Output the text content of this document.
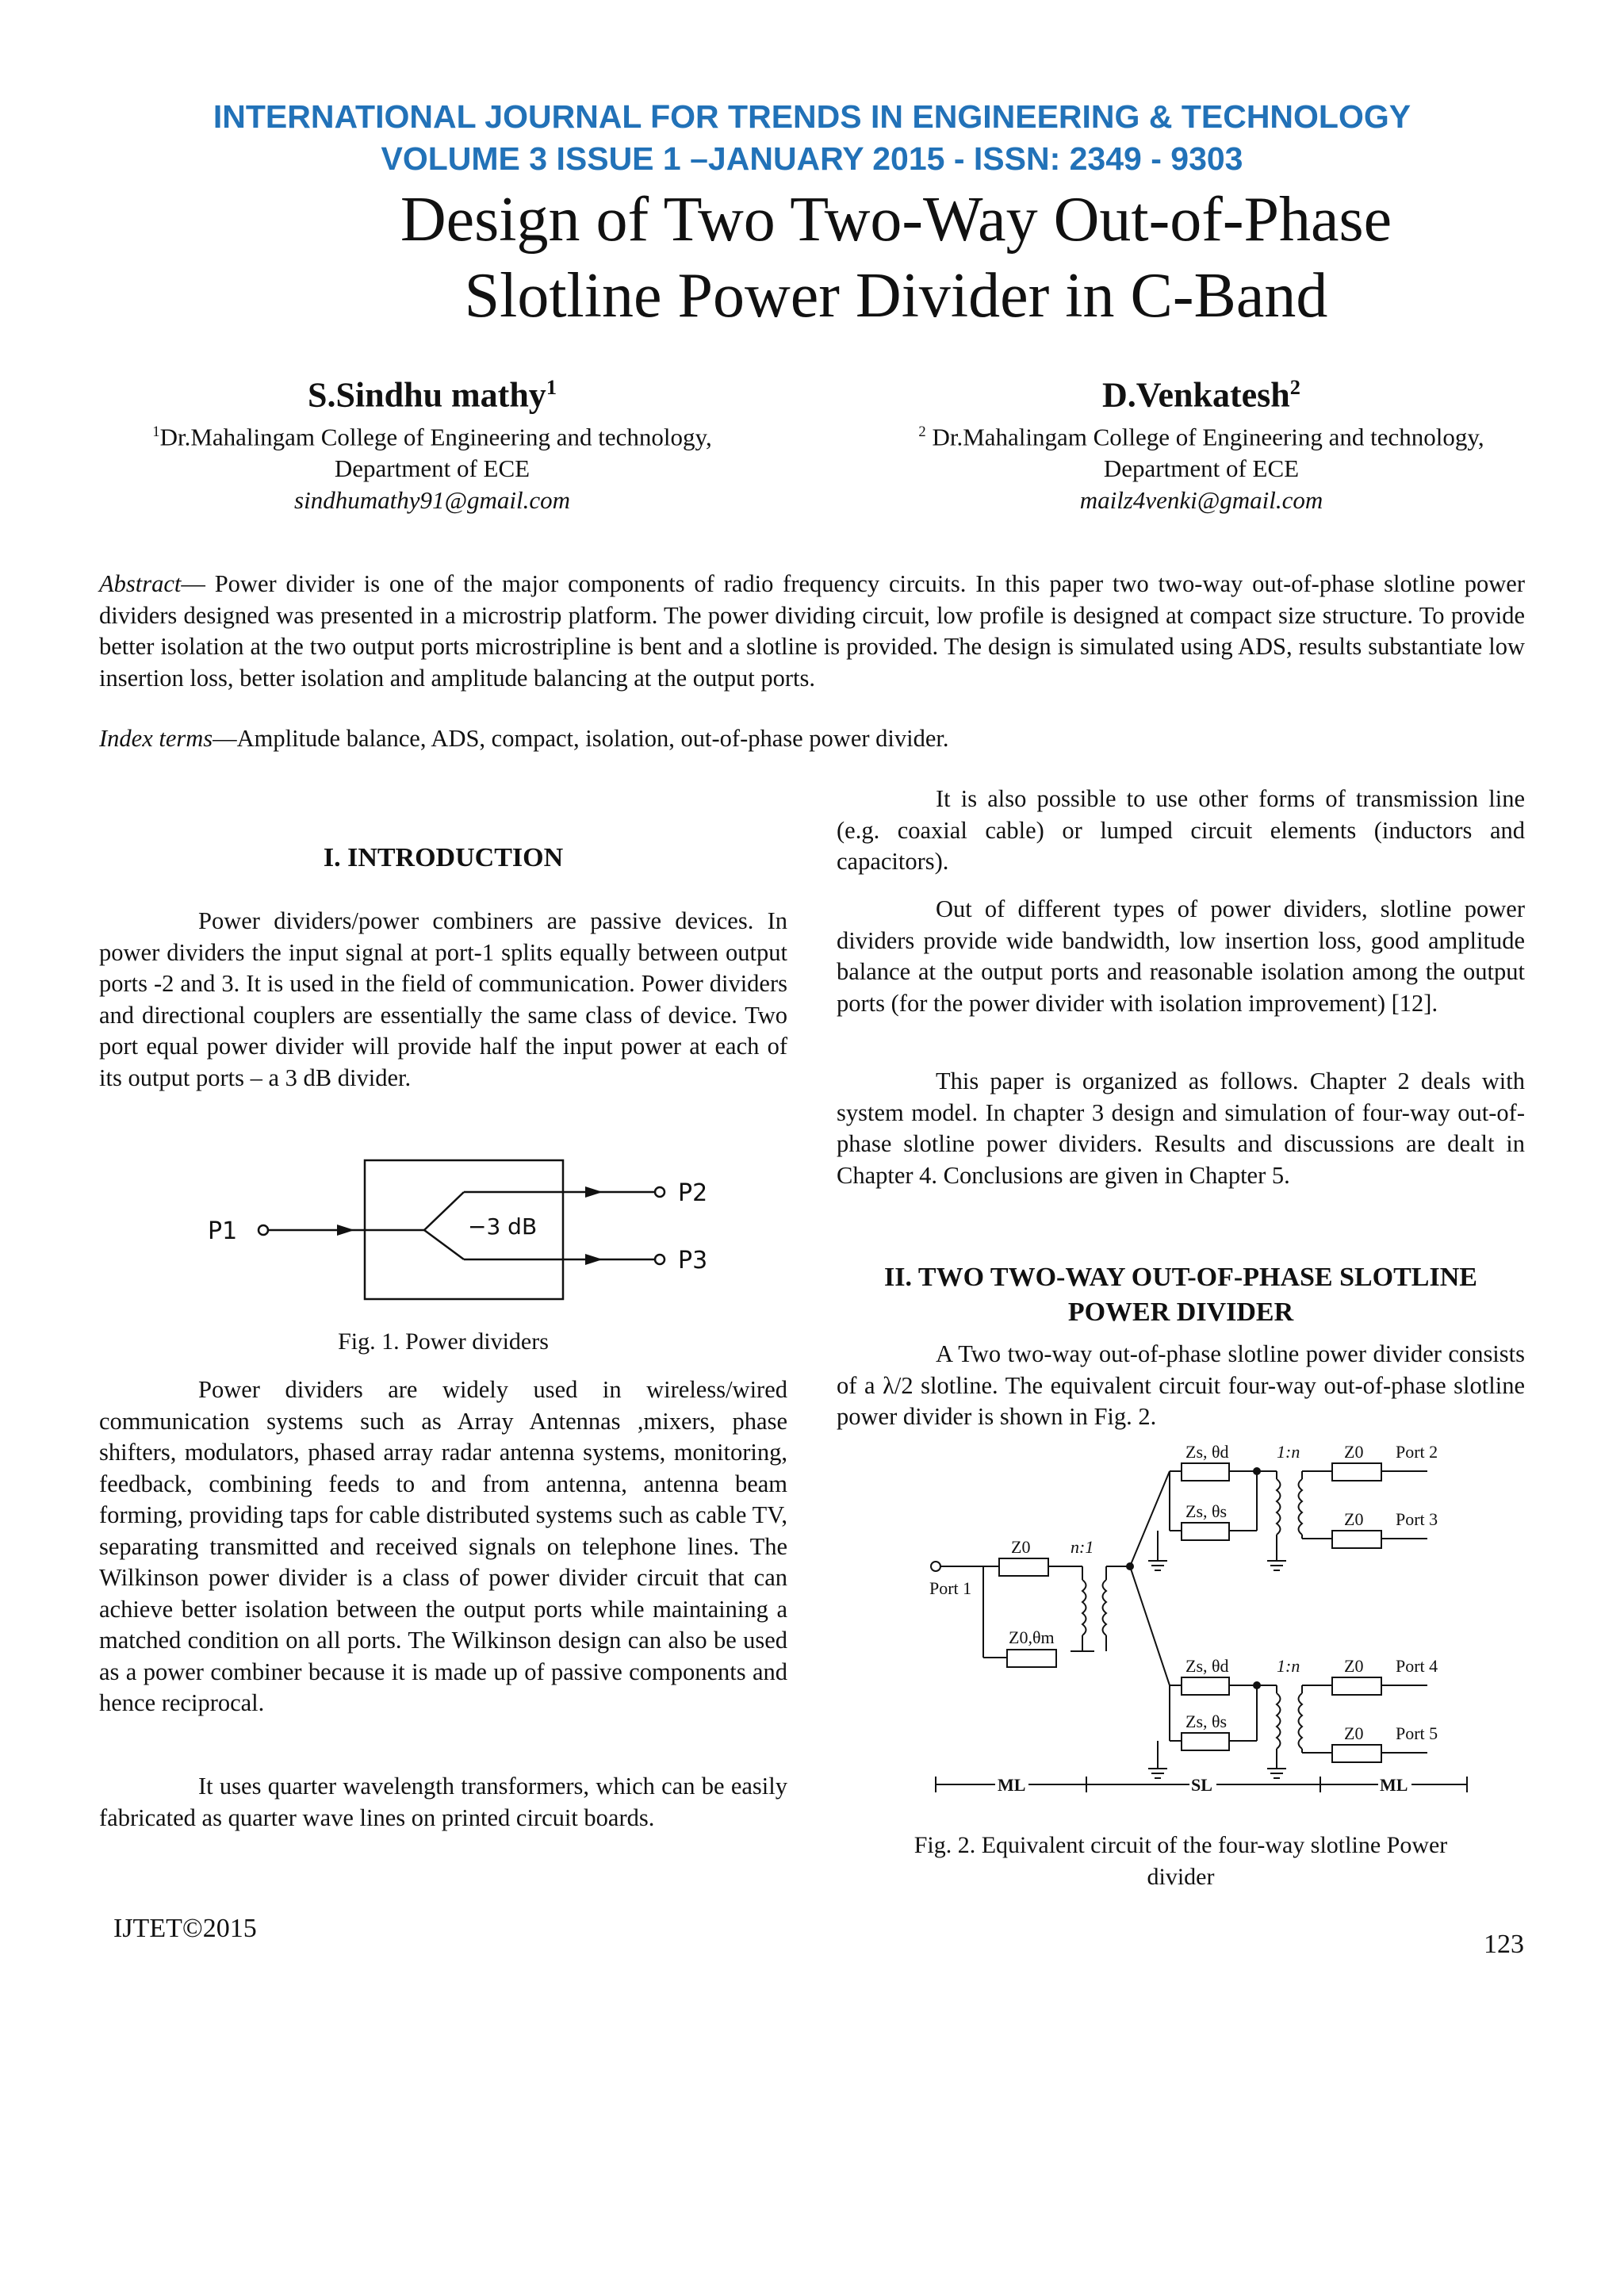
INTERNATIONAL JOURNAL FOR TRENDS IN ENGINEERING & TECHNOLOGY
VOLUME 3 ISSUE 1 –JANUARY 2015 - ISSN: 2349 - 9303
Design of Two Two-Way Out-of-Phase
Slotline Power Divider in C-Band
S.Sindhu mathy$^1$
$^1$Dr.Mahalingam College of Engineering and technology,
Department of ECE
sindhumathy91@gmail.com
D.Venkatesh$^2$
$^2$ Dr.Mahalingam College of Engineering and technology,
Department of ECE
mailz4venki@gmail.com
Abstract— Power divider is one of the major components of radio frequency circuits. In this paper two two-way out-of-phase slotline power dividers designed was presented in a microstrip platform. The power dividing circuit, low profile is designed at compact size structure. To provide better isolation at the two output ports microstripline is bent and a slotline is provided. The design is simulated using ADS, results substantiate low insertion loss, better isolation and amplitude balancing at the output ports.
Index terms—Amplitude balance, ADS, compact, isolation, out-of-phase power divider.
I. INTRODUCTION
Power dividers/power combiners are passive devices. In power dividers the input signal at port-1 splits equally between output ports -2 and 3. It is used in the field of communication. Power dividers and directional couplers are essentially the same class of device. Two port equal power divider will provide half the input power at each of its output ports – a 3 dB divider.
P1
P2
P3
−3 dB
Fig. 1. Power dividers
Power dividers are widely used in wireless/wired communication systems such as Array Antennas ,mixers, phase shifters, modulators, phased array radar antenna systems, monitoring, feedback, combining feeds to and from antenna, antenna beam forming, providing taps for cable distributed systems such as cable TV, separating transmitted and received signals on telephone lines. The Wilkinson power divider is a class of power divider circuit that can achieve better isolation between the output ports while maintaining a matched condition on all ports. The Wilkinson design can also be used as a power combiner because it is made up of passive components and hence reciprocal.
It uses quarter wavelength transformers, which can be easily fabricated as quarter wave lines on printed circuit boards.
It is also possible to use other forms of transmission line (e.g. coaxial cable) or lumped circuit elements (inductors and capacitors).
Out of different types of power dividers, slotline power dividers provide wide bandwidth, low insertion loss, good amplitude balance at the output ports and reasonable isolation among the output ports (for the power divider with isolation improvement) [12].
This paper is organized as follows. Chapter 2 deals with system model. In chapter 3 design and simulation of four-way out-of-phase slotline power dividers. Results and discussions are dealt in Chapter 4. Conclusions are given in Chapter 5.
II. TWO TWO-WAY OUT-OF-PHASE SLOTLINE
POWER DIVIDER
A Two two-way out-of-phase slotline power divider consists of a λ/2 slotline. The equivalent circuit four-way out-of-phase slotline power divider is shown in Fig. 2.
Port 1
Z0
Z0,θm
n:1
Zs, θd
Zs, θs
Zs, θd
Zs, θs
1:n
1:n
Z0
Z0
Z0
Z0
Port 2
Port 3
Port 4
Port 5
ML	SL	ML
Fig. 2. Equivalent circuit of the four-way slotline Power
divider
IJTET©2015
123
